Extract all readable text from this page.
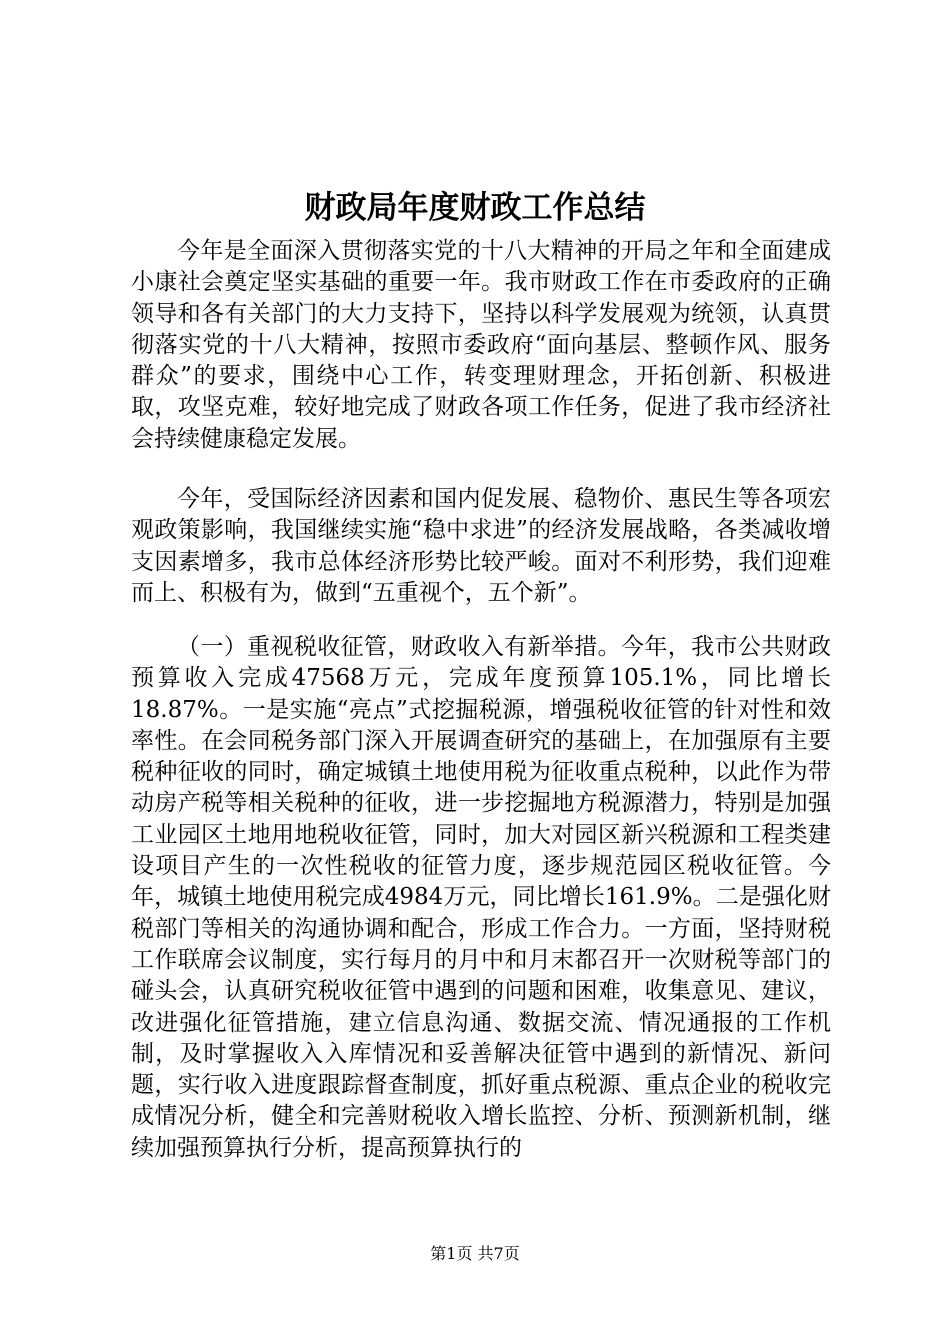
财政局年度财政工作总结

今年是全面深入贯彻落实党的十八大精神的开局之年和全面建成小康社会奠定坚实基础的重要一年。我市财政工作在市委政府的正确领导和各有关部门的大力支持下，坚持以科学发展观为统领，认真贯彻落实党的十八大精神，按照市委政府“面向基层、整顿作风、服务群众”的要求，围绕中心工作，转变理财理念，开拓创新、积极进取，攻坚克难，较好地完成了财政各项工作任务，促进了我市经济社会持续健康稳定发展。

今年，受国际经济因素和国内促发展、稳物价、惠民生等各项宏观政策影响，我国继续实施“稳中求进”的经济发展战略，各类减收增支因素增多，我市总体经济形势比较严峻。面对不利形势，我们迎难而上、积极有为，做到“五重视个，五个新”。

（一）重视税收征管，财政收入有新举措。今年，我市公共财政预算收入完成47568万元，完成年度预算105.1%，同比增长18.87%。一是实施“亮点”式挖掘税源，增强税收征管的针对性和效率性。在会同税务部门深入开展调查研究的基础上，在加强原有主要税种征收的同时，确定城镇土地使用税为征收重点税种，以此作为带动房产税等相关税种的征收，进一步挖掘地方税源潜力，特别是加强工业园区土地用地税收征管，同时，加大对园区新兴税源和工程类建设项目产生的一次性税收的征管力度，逐步规范园区税收征管。今年，城镇土地使用税完成4984万元，同比增长161.9%。二是强化财税部门等相关的沟通协调和配合，形成工作合力。一方面，坚持财税工作联席会议制度，实行每月的月中和月末都召开一次财税等部门的碰头会，认真研究税收征管中遇到的问题和困难，收集意见、建议，改进强化征管措施，建立信息沟通、数据交流、情况通报的工作机制，及时掌握收入入库情况和妥善解决征管中遇到的新情况、新问题，实行收入进度跟踪督查制度，抓好重点税源、重点企业的税收完成情况分析，健全和完善财税收入增长监控、分析、预测新机制，继续加强预算执行分析，提高预算执行的

第1页 共7页
